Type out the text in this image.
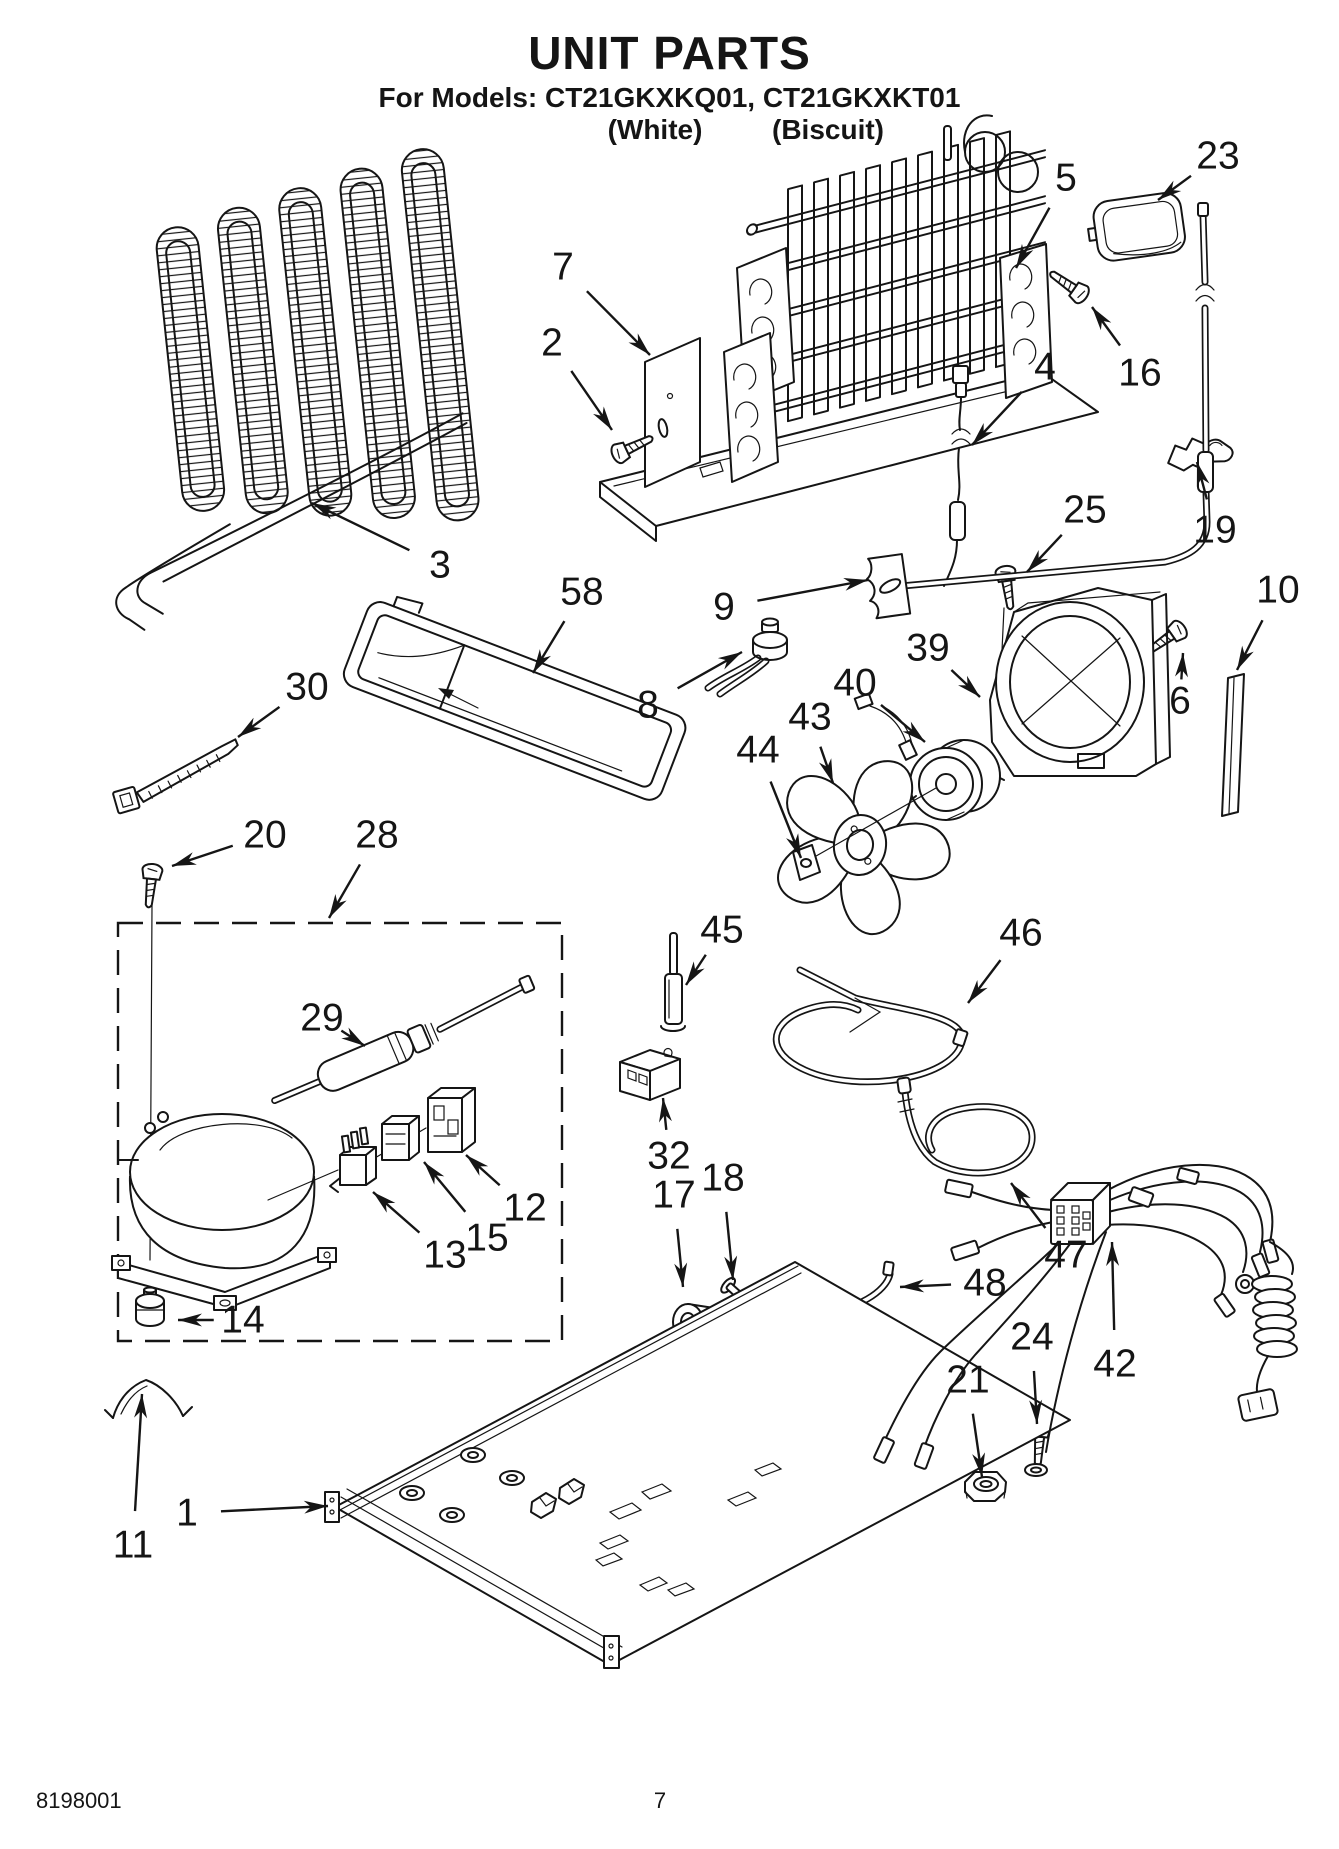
UNIT PARTS
For Models: CT21GKXKQ01, CT21GKXKT01
(White) (Biscuit)
7
2
5
23
16
4
19
25
10
6
39
40
43
44
3
58	9
8
30
20 28
29
45	46
32
17 18
12
15
13
14
47
48
24
21
11
1
42
8198001	7
